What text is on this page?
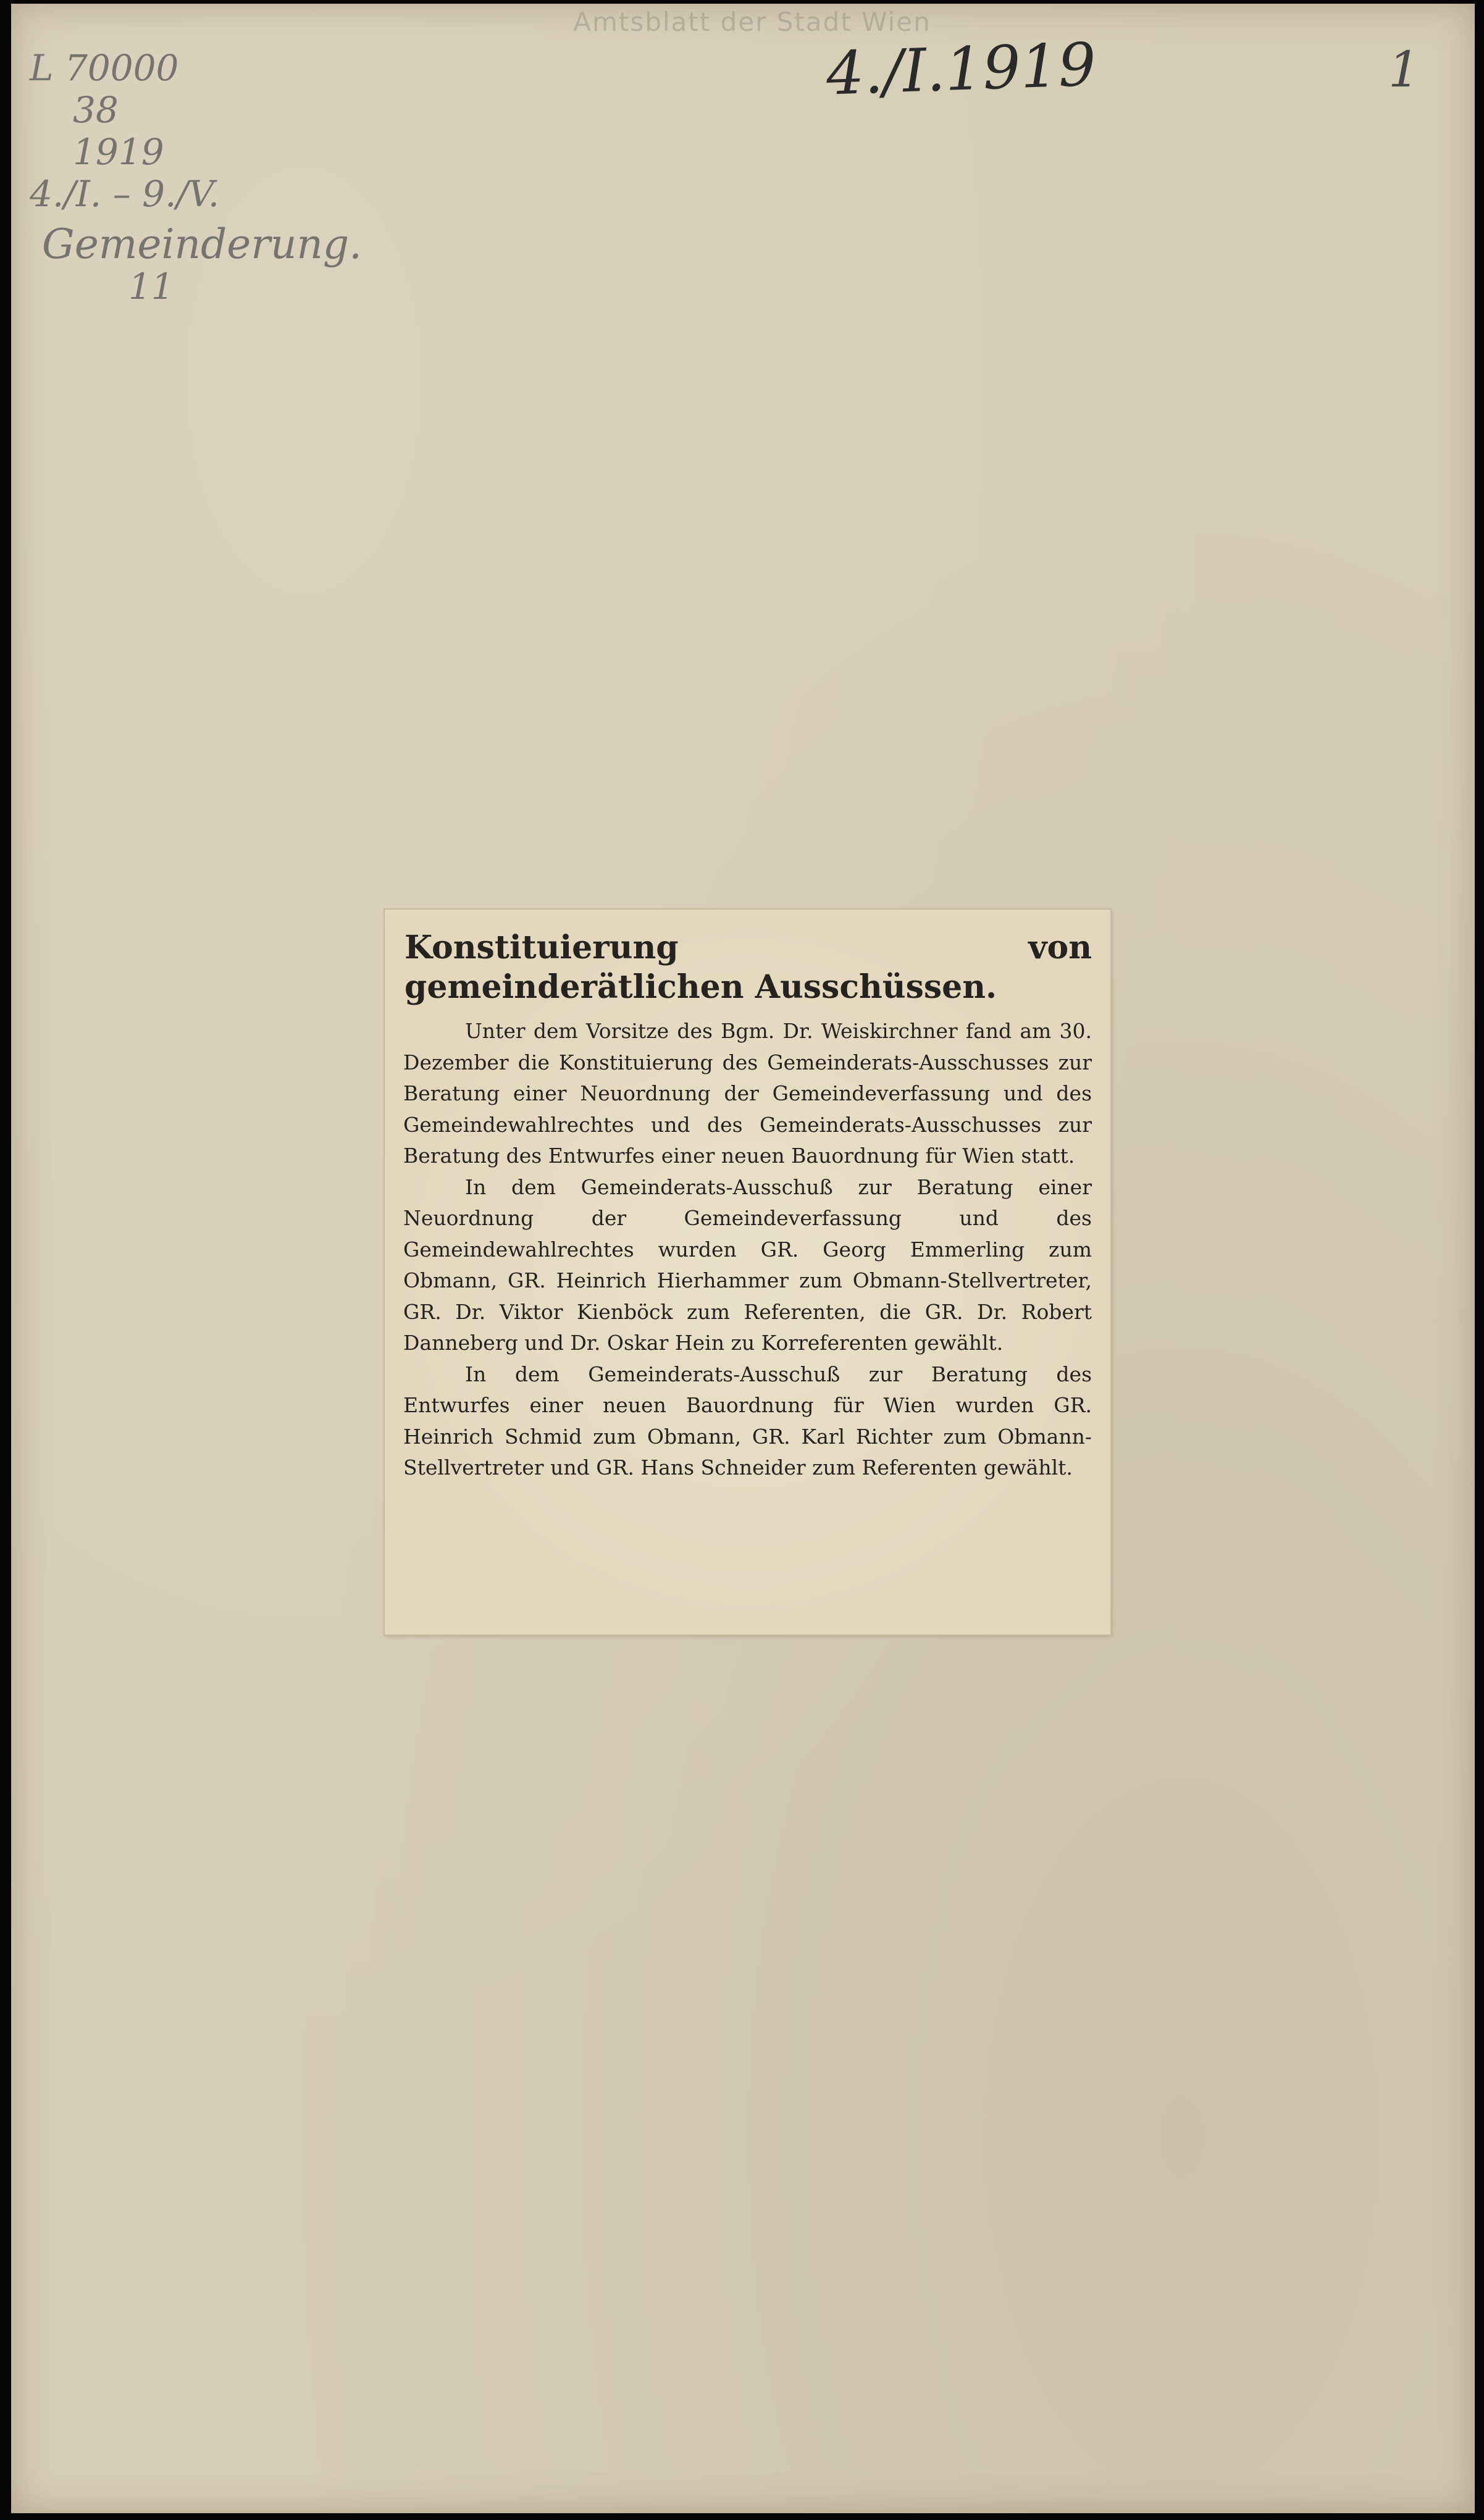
Amtsblatt der Stadt Wien
4./I.1919	1
L 70000
38
1919
4./I. – 9./V.
Gemeinderung.
11
Konstituierung von gemeinderätlichen Ausschüssen.

Unter dem Vorsitze des Bgm. Dr. Weiskirchner fand am 30. Dezember die Konstituierung des Gemeinderats-Ausschusses zur Beratung einer Neuordnung der Gemeindeverfassung und des Gemeindewahlrechtes und des Gemeinderats-Ausschusses zur Beratung des Entwurfes einer neuen Bauordnung für Wien statt.

In dem Gemeinderats-Ausschuß zur Beratung einer Neuordnung der Gemeindeverfassung und des Gemeindewahlrechtes wurden GR. Georg Emmerling zum Obmann, GR. Heinrich Hierhammer zum Obmann-Stellvertreter, GR. Dr. Viktor Kienböck zum Referenten, die GR. Dr. Robert Danneberg und Dr. Oskar Hein zu Korreferenten gewählt.

In dem Gemeinderats-Ausschuß zur Beratung des Entwurfes einer neuen Bauordnung für Wien wurden GR. Heinrich Schmid zum Obmann, GR. Karl Richter zum Obmann-Stellvertreter und GR. Hans Schneider zum Referenten gewählt.
